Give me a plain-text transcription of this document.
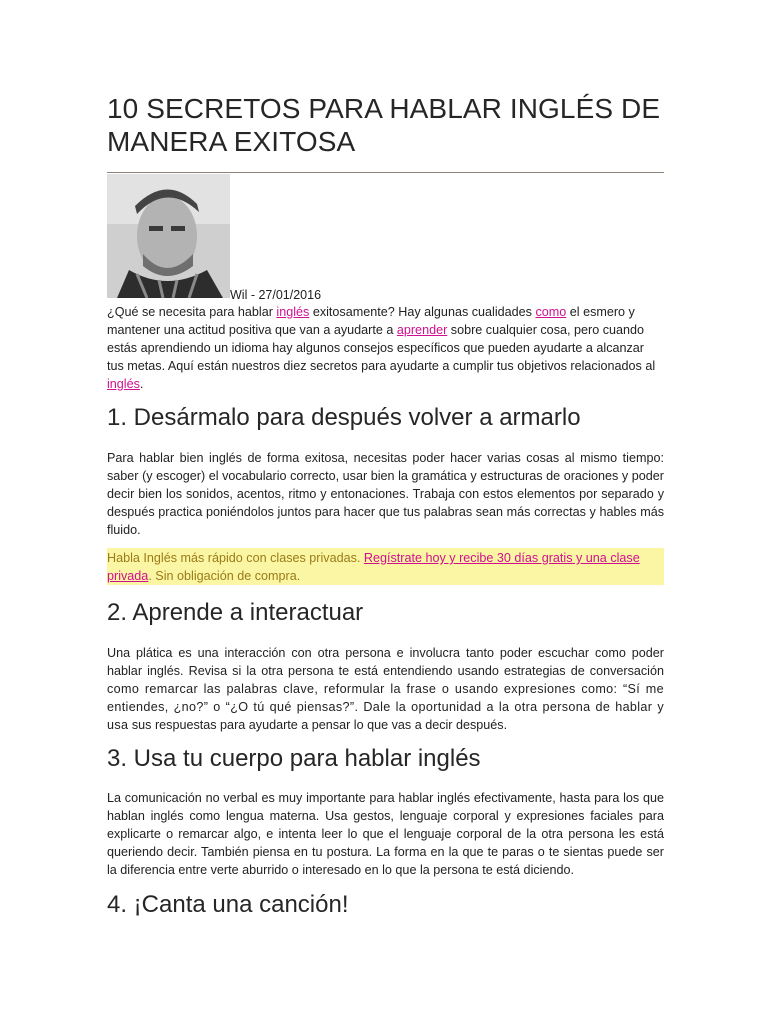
10 SECRETOS PARA HABLAR INGLÉS DE MANERA EXITOSA
Wil - 27/01/2016

¿Qué se necesita para hablar inglés exitosamente? Hay algunas cualidades como el esmero y mantener una actitud positiva que van a ayudarte a aprender sobre cualquier cosa, pero cuando estás aprendiendo un idioma hay algunos consejos específicos que pueden ayudarte a alcanzar tus metas. Aquí están nuestros diez secretos para ayudarte a cumplir tus objetivos relacionados al inglés.

1. Desármalo para después volver a armarlo

Para hablar bien inglés de forma exitosa, necesitas poder hacer varias cosas al mismo tiempo: saber (y escoger) el vocabulario correcto, usar bien la gramática y estructuras de oraciones y poder decir bien los sonidos, acentos, ritmo y entonaciones. Trabaja con estos elementos por separado y después practica poniéndolos juntos para hacer que tus palabras sean más correctas y hables más fluido.

Habla Inglés más rápido con clases privadas. Regístrate hoy y recibe 30 días gratis y una clase privada. Sin obligación de compra.

2. Aprende a interactuar

Una plática es una interacción con otra persona e involucra tanto poder escuchar como poder hablar inglés. Revisa si la otra persona te está entendiendo usando estrategias de conversación como remarcar las palabras clave, reformular la frase o usando expresiones como: “Sí me entiendes, ¿no?” o “¿O tú qué piensas?”. Dale la oportunidad a la otra persona de hablar y usa sus respuestas para ayudarte a pensar lo que vas a decir después.

3. Usa tu cuerpo para hablar inglés

La comunicación no verbal es muy importante para hablar inglés efectivamente, hasta para los que hablan inglés como lengua materna. Usa gestos, lenguaje corporal y expresiones faciales para explicarte o remarcar algo, e intenta leer lo que el lenguaje corporal de la otra persona les está queriendo decir. También piensa en tu postura. La forma en la que te paras o te sientas puede ser la diferencia entre verte aburrido o interesado en lo que la persona te está diciendo.

4. ¡Canta una canción!
